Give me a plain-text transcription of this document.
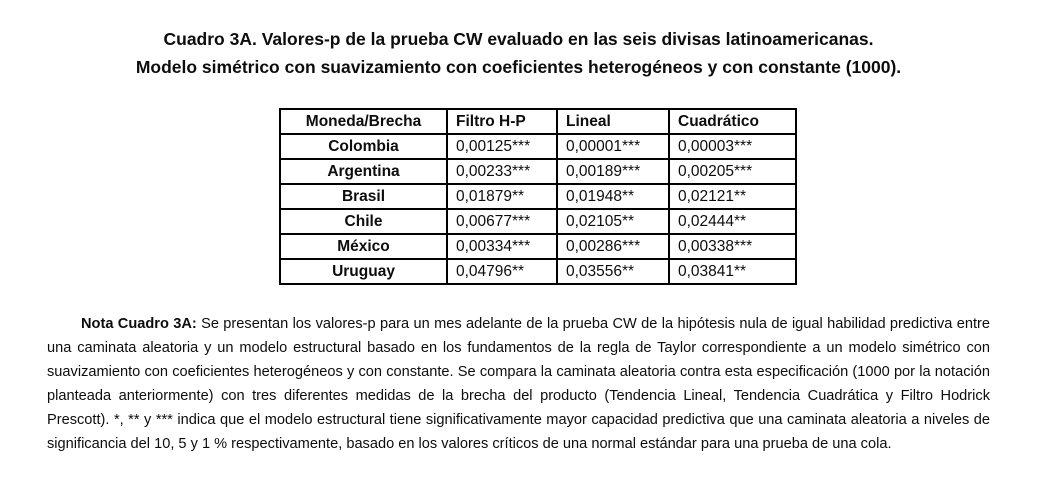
Cuadro 3A. Valores-p de la prueba CW evaluado en las seis divisas latinoamericanas.
Modelo simétrico con suavizamiento con coeficientes heterogéneos y con constante (1000).
Moneda/Brecha	Filtro H-P	Lineal	Cuadrático
Colombia	0,00125***	0,00001***	0,00003***
Argentina	0,00233***	0,00189***	0,00205***
Brasil	0,01879**	0,01948**	0,02121**
Chile	0,00677***	0,02105**	0,02444**
México	0,00334***	0,00286***	0,00338***
Uruguay	0,04796**	0,03556**	0,03841**

Nota Cuadro 3A: Se presentan los valores-p para un mes adelante de la prueba CW de la hipótesis nula de igual habilidad predictiva entre una caminata aleatoria y un modelo estructural basado en los fundamentos de la regla de Taylor correspondiente a un modelo simétrico con suavizamiento con coeficientes heterogéneos y con constante. Se compara la caminata aleatoria contra esta especificación (1000 por la notación planteada anteriormente) con tres diferentes medidas de la brecha del producto (Tendencia Lineal, Tendencia Cuadrática y Filtro Hodrick Prescott). *, ** y *** indica que el modelo estructural tiene significativamente mayor capacidad predictiva que una caminata aleatoria a niveles de significancia del 10, 5 y 1 % respectivamente, basado en los valores críticos de una normal estándar para una prueba de una cola.
